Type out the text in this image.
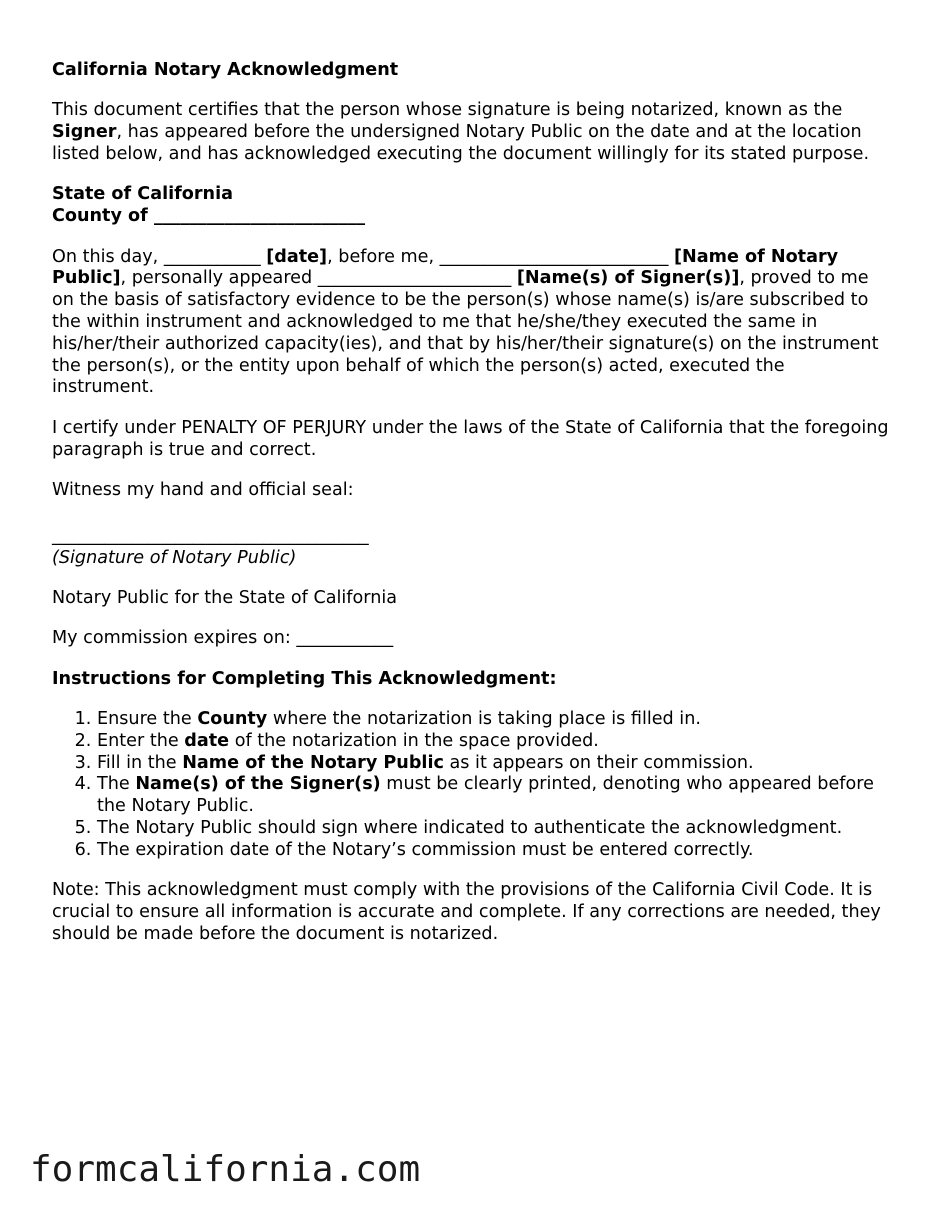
California Notary Acknowledgment

This document certifies that the person whose signature is being notarized, known as the Signer, has appeared before the undersigned Notary Public on the date and at the location listed below, and has acknowledged executing the document willingly for its stated purpose.

State of California
County of ________________________

On this day, ___________ [date], before me, __________________________ [Name of Notary Public], personally appeared ______________________ [Name(s) of Signer(s)], proved to me on the basis of satisfactory evidence to be the person(s) whose name(s) is/are subscribed to the within instrument and acknowledged to me that he/she/they executed the same in his/her/their authorized capacity(ies), and that by his/her/their signature(s) on the instrument the person(s), or the entity upon behalf of which the person(s) acted, executed the instrument.

I certify under PENALTY OF PERJURY under the laws of the State of California that the foregoing paragraph is true and correct.

Witness my hand and official seal:

____________________________________
(Signature of Notary Public)

Notary Public for the State of California

My commission expires on: ___________

Instructions for Completing This Acknowledgment:

1. Ensure the County where the notarization is taking place is filled in.
2. Enter the date of the notarization in the space provided.
3. Fill in the Name of the Notary Public as it appears on their commission.
4. The Name(s) of the Signer(s) must be clearly printed, denoting who appeared before the Notary Public.
5. The Notary Public should sign where indicated to authenticate the acknowledgment.
6. The expiration date of the Notary’s commission must be entered correctly.

Note: This acknowledgment must comply with the provisions of the California Civil Code. It is crucial to ensure all information is accurate and complete. If any corrections are needed, they should be made before the document is notarized.

formcalifornia.com
